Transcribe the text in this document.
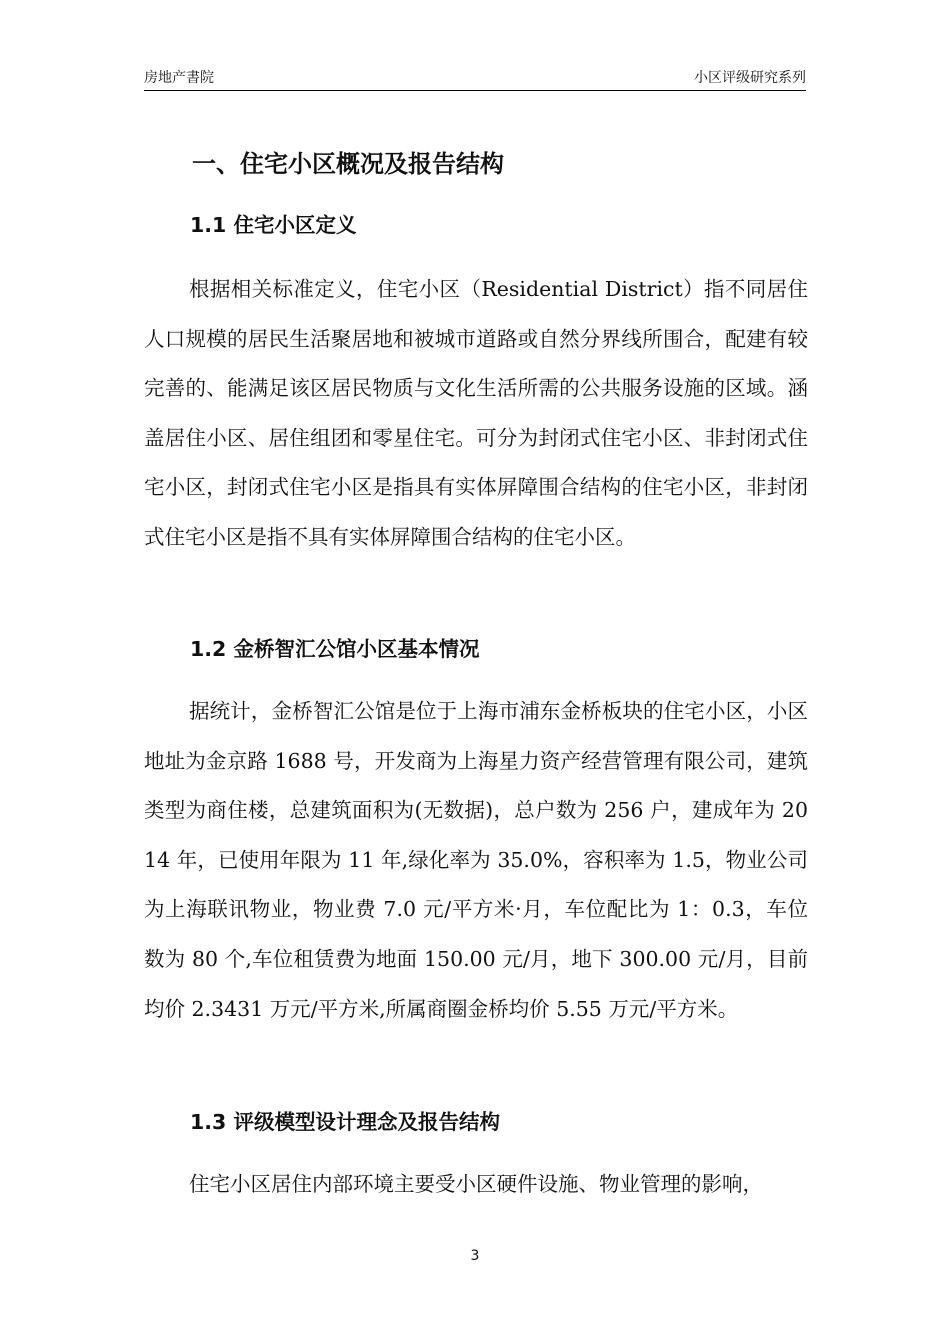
房地产書院	小区评级研究系列
一、住宅小区概况及报告结构
1.1 住宅小区定义

根据相关标准定义，住宅小区（Residential District）指不同居住人口规模的居民生活聚居地和被城市道路或自然分界线所围合，配建有较完善的、能满足该区居民物质与文化生活所需的公共服务设施的区域。涵盖居住小区、居住组团和零星住宅。可分为封闭式住宅小区、非封闭式住宅小区，封闭式住宅小区是指具有实体屏障围合结构的住宅小区，非封闭式住宅小区是指不具有实体屏障围合结构的住宅小区。

1.2 金桥智汇公馆小区基本情况

据统计，金桥智汇公馆是位于上海市浦东金桥板块的住宅小区，小区地址为金京路 1688 号，开发商为上海星力资产经营管理有限公司，建筑类型为商住楼，总建筑面积为(无数据)，总户数为 256 户，建成年为 2014 年，已使用年限为 11 年,绿化率为 35.0%，容积率为 1.5，物业公司为上海联讯物业，物业费 7.0 元/平方米·月，车位配比为 1：0.3，车位数为 80 个,车位租赁费为地面 150.00 元/月，地下 300.00 元/月，目前均价 2.3431 万元/平方米,所属商圈金桥均价 5.55 万元/平方米。

1.3 评级模型设计理念及报告结构

住宅小区居住内部环境主要受小区硬件设施、物业管理的影响，

3
